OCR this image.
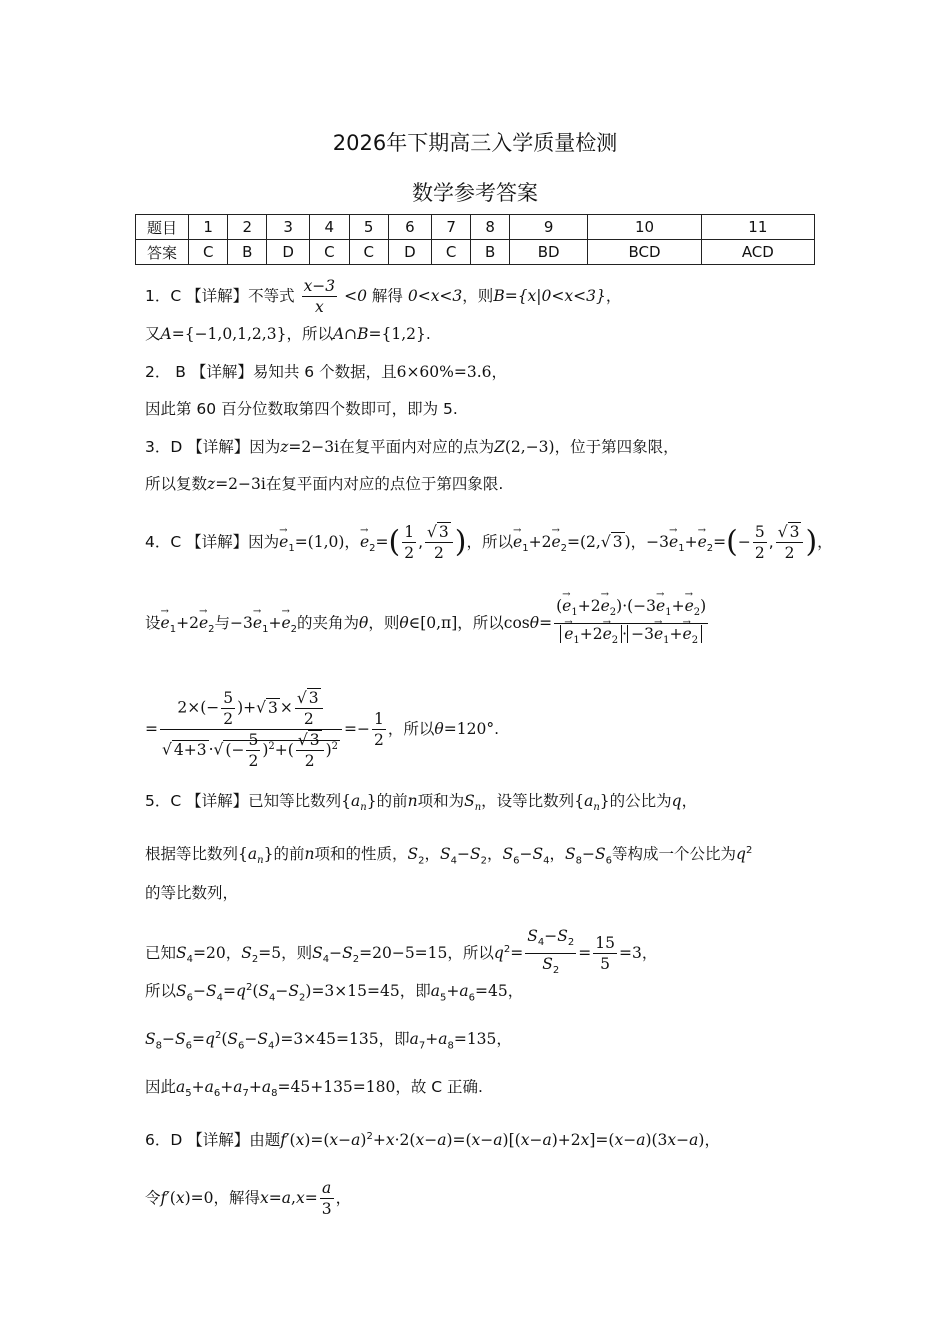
2026年下期高三入学质量检测
数学参考答案
题目	1	2	3	4	5	6	7	8	9	10	11
答案	C	B	D	C	C	D	C	B	BD	BCD	ACD
1．C 【详解】不等式 $\frac{x-3}{x} <0$ 解得 0<x<3，则B={x|0<x<3}，
又A={−1,0,1,2,3}，所以A∩B={1,2}.
2． B 【详解】易知共 6 个数据，且6×60%=3.6，
因此第 60 百分位数取第四个数即可，即为 5.
3．D 【详解】因为z=2−3i在复平面内对应的点为Z(2,−3)，位于第四象限，
所以复数z=2−3i在复平面内对应的点位于第四象限.
4．C 【详解】因为→ $e_1=(1,0)$，→ $e_2=( \frac{1}{2}$ , $\frac{√ 3}{2}$ )，所以→ $e_1+2\to e_2=(2,√$ 3 )，$-3\to e_1+\to e_2=(- \frac{5}{2}$ , $\frac{√ 3}{2}$ )，
设→ $e_1+2\to e_2$与$-3\to e_1+\to e_2$的夹角为θ，则θ∈[0,π]，所以cosθ= (→ $e_1+2\to e_2)\cdot(-3\to e_1+\to e_2)$
→ $e_1+2\to e_2 \cdot -3\to e_1+\to e_2$
= $\frac{2\times(- \frac{5}{2} )+√ 3 \times \frac{√ 3}{2}}{√ 4+3 \cdot√ (- \frac{5}{2} )^2+( \frac{√ 3}{2} )^2} =- \frac{1}{2}$ ，所以θ=120°.
5．C 【详解】已知等比数列$\{a_n\}$的前n项和为$S_n$，设等比数列$\{a_n\}$的公比为q，
根据等比数列$\{a_n\}$的前n项和的性质，$S_2$，$S_4-S_2$，$S_6-S_4$，$S_8-S_6$等构成一个公比为$q^2$
的等比数列，
已知$S_4=20$，$S_2=5$，则$S_4-S_2=20-5=15$，所以$q^2= \frac{S_4-S_2}{S_2} = \frac{15}{5} =3$，
所以$S_6-S_4=q^2(S_4-S_2)=3\times 15=45$，即$a_5+a_6=45$，
$S_8-S_6=q^2(S_6-S_4)=3\times 45=135$，即$a_7+a_8=135$，
因此$a_5+a_6+a_7+a_8=45+135=180$，故 C 正确.
6．D 【详解】由题$f'(x)=(x-a)^2+x\cdot 2(x-a)=(x-a)[(x-a)+2x]=(x-a)(3x-a)$，
令f′(x)=0，解得$x=a,x= \frac{a}{3}$ ，
